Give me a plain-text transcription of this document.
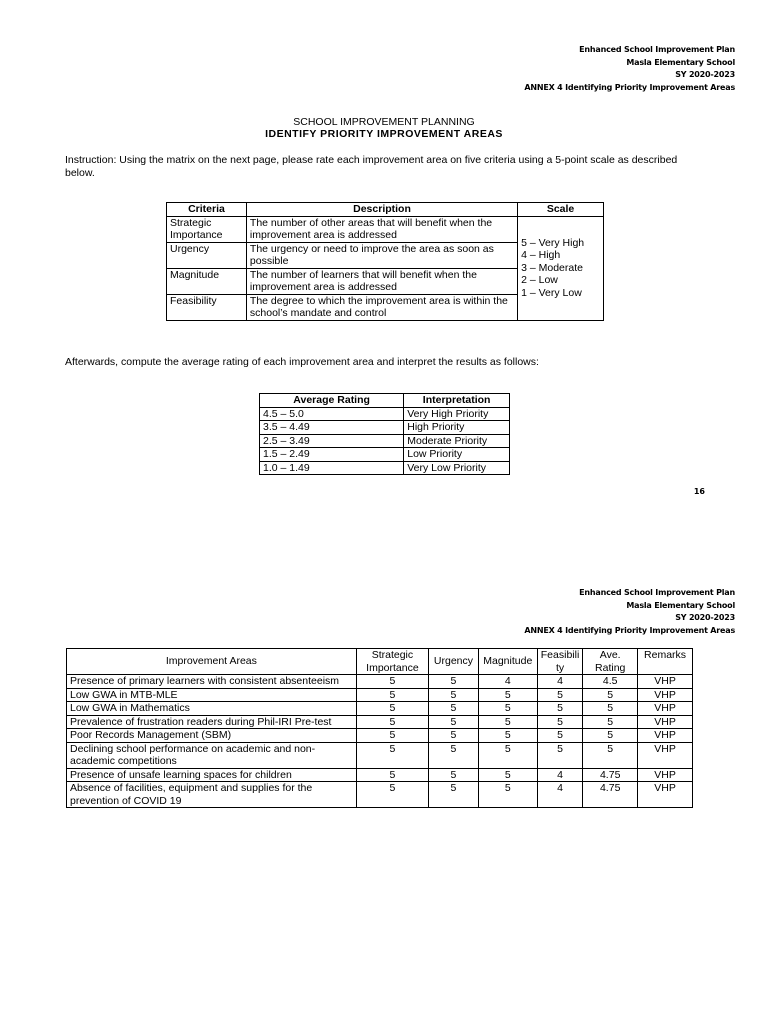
Enhanced School Improvement Plan
Masla Elementary School
SY 2020-2023
ANNEX 4 Identifying Priority Improvement Areas
SCHOOL IMPROVEMENT PLANNING
IDENTIFY PRIORITY IMPROVEMENT AREAS
Instruction: Using the matrix on the next page, please rate each improvement area on five criteria using a 5-point scale as described below.
Criteria	Description	Scale
Strategic Importance	The number of other areas that will benefit when the improvement area is addressed	5 – Very High
4 – High
3 – Moderate
2 – Low
1 – Very Low

Urgency	The urgency or need to improve the area as soon as possible	
Magnitude	The number of learners that will benefit when the improvement area is addressed	
Feasibility	The degree to which the improvement area is within the school’s mandate and control	
Afterwards, compute the average rating of each improvement area and interpret the results as follows:
Average Rating	Interpretation
4.5 – 5.0	Very High Priority
3.5 – 4.49	High Priority
2.5 – 3.49	Moderate Priority
1.5 – 2.49	Low Priority
1.0 – 1.49	Very Low Priority
16
Enhanced School Improvement Plan
Masla Elementary School
SY 2020-2023
ANNEX 4 Identifying Priority Improvement Areas
Improvement Areas	Strategic Importance	Urgency	Magnitude	Feasibility	Ave. Rating	Remarks
Presence of primary learners with consistent absenteeism	5	5	4	4	4.5	VHP
Low GWA in MTB-MLE	5	5	5	5	5	VHP
Low GWA in Mathematics	5	5	5	5	5	VHP
Prevalence of frustration readers during Phil-IRI Pre-test	5	5	5	5	5	VHP
Poor Records Management (SBM)	5	5	5	5	5	VHP
Declining school performance on academic and non-academic competitions	5	5	5	5	5	VHP
Presence of unsafe learning spaces for children	5	5	5	4	4.75	VHP
Absence of facilities, equipment and supplies for the prevention of COVID 19	5	5	5	4	4.75	VHP
